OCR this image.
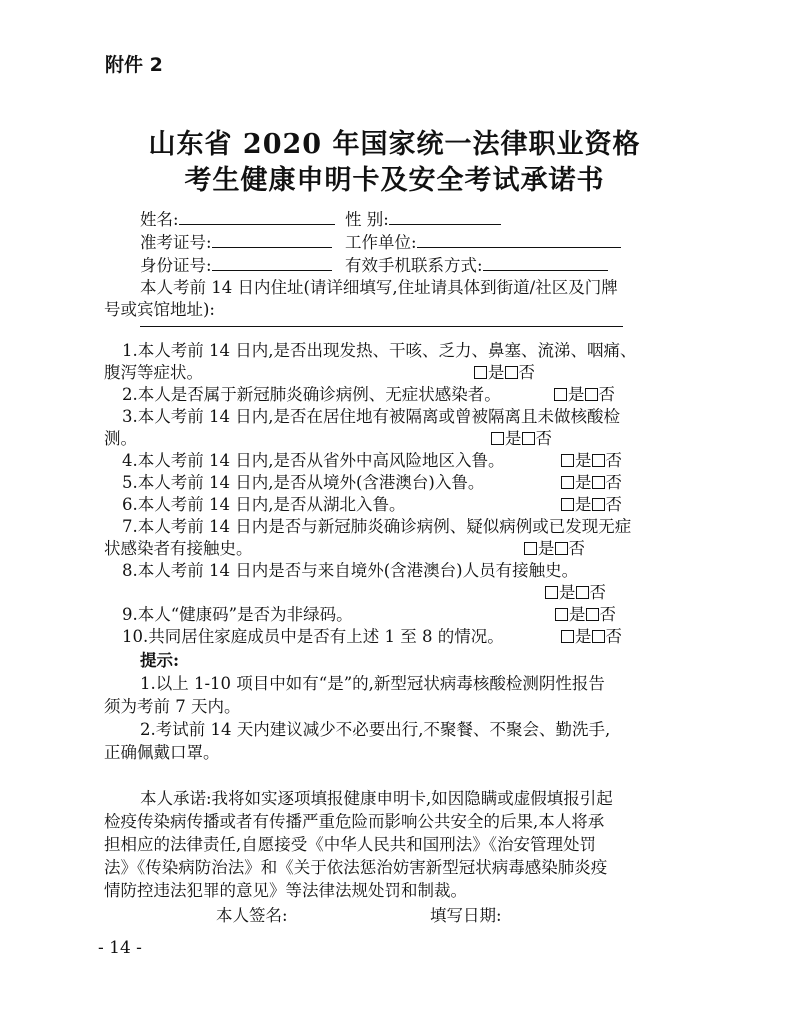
附件 2
山东省 2020 年国家统一法律职业资格
考生健康申明卡及安全考试承诺书
姓名:	性 别:
准考证号:	工作单位:
身份证号:	有效手机联系方式:
本人考前 14 日内住址(请详细填写,住址请具体到街道/社区及门牌
号或宾馆地址):
1.本人考前 14 日内,是否出现发热、干咳、乏力、鼻塞、流涕、咽痛、
腹泻等症状。	是 否
2.本人是否属于新冠肺炎确诊病例、无症状感染者。	是 否
3.本人考前 14 日内,是否在居住地有被隔离或曾被隔离且未做核酸检
测。	是 否
4.本人考前 14 日内,是否从省外中高风险地区入鲁。	是 否
5.本人考前 14 日内,是否从境外(含港澳台)入鲁。	是 否
6.本人考前 14 日内,是否从湖北入鲁。	是 否
7.本人考前 14 日内是否与新冠肺炎确诊病例、疑似病例或已发现无症
状感染者有接触史。	是 否
8.本人考前 14 日内是否与来自境外(含港澳台)人员有接触史。
是 否
9.本人“健康码”是否为非绿码。	是 否
10.共同居住家庭成员中是否有上述 1 至 8 的情况。	是 否
提示:
1.以上 1-10 项目中如有“是”的,新型冠状病毒核酸检测阴性报告
须为考前 7 天内。
2.考试前 14 天内建议减少不必要出行,不聚餐、不聚会、勤洗手,
正确佩戴口罩。
本人承诺:我将如实逐项填报健康申明卡,如因隐瞒或虚假填报引起
检疫传染病传播或者有传播严重危险而影响公共安全的后果,本人将承
担相应的法律责任,自愿接受《中华人民共和国刑法》《治安管理处罚
法》《传染病防治法》和《关于依法惩治妨害新型冠状病毒感染肺炎疫
情防控违法犯罪的意见》等法律法规处罚和制裁。
本人签名:	填写日期:
- 14 -
